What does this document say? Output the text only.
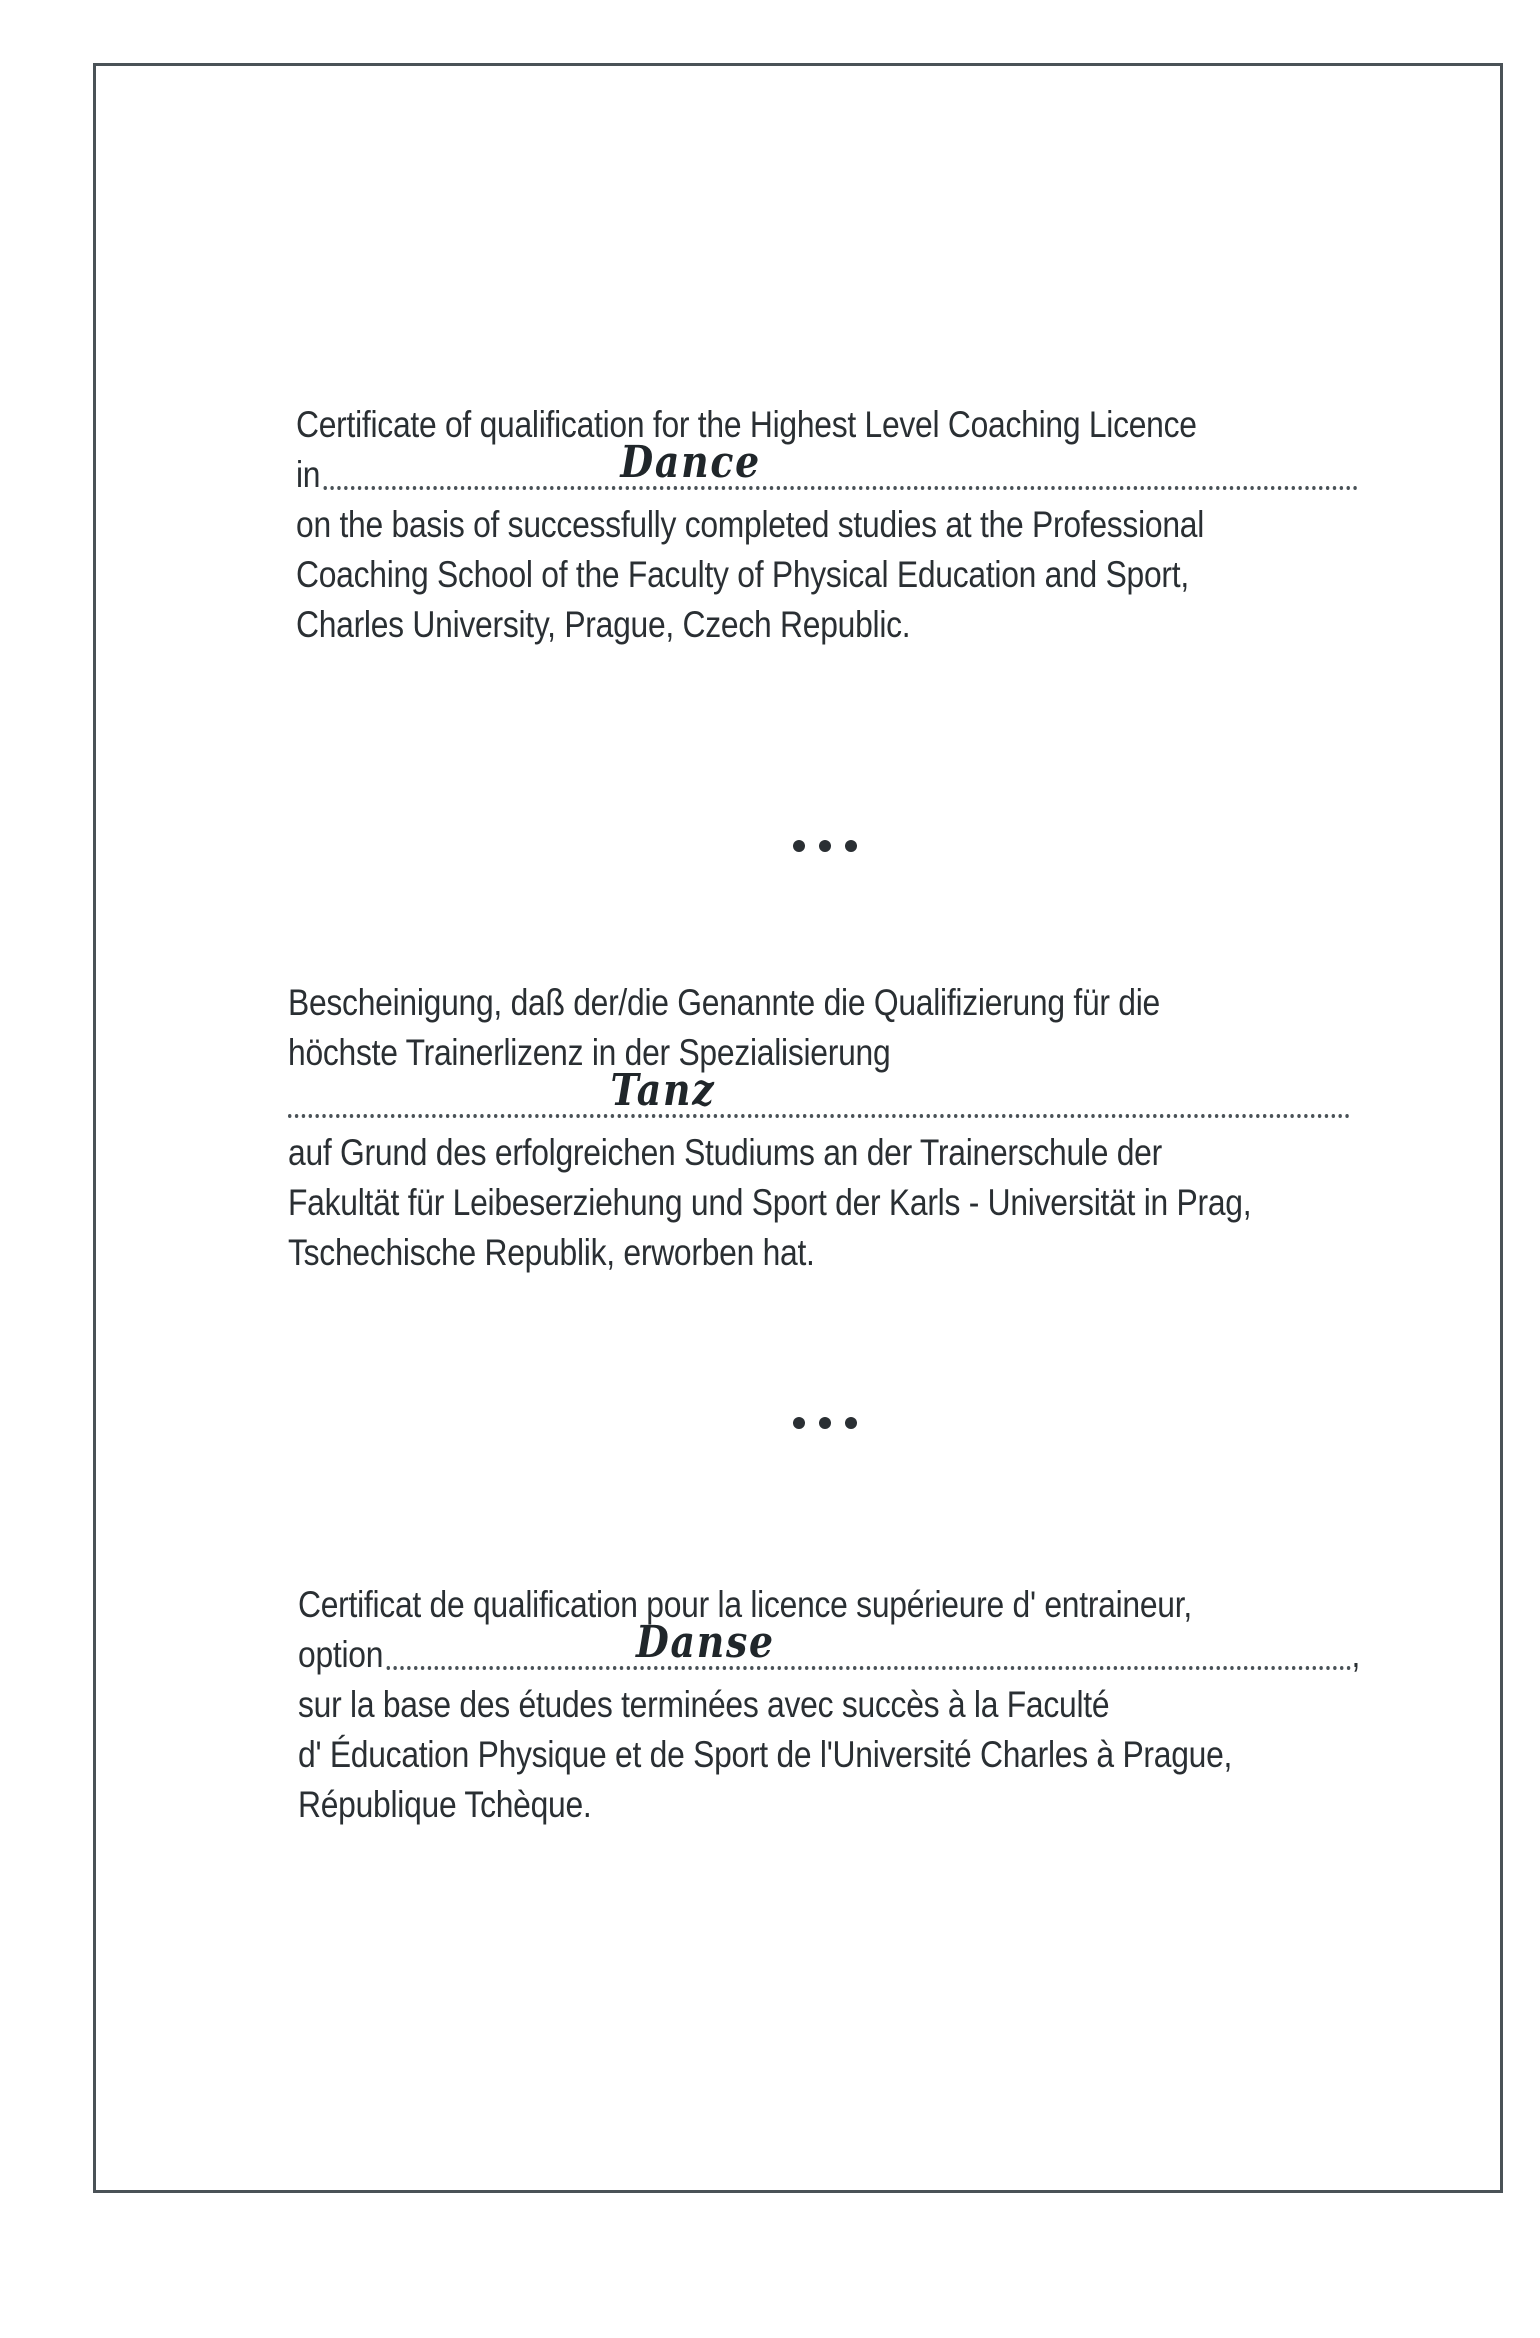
Certificate of qualification for the Highest Level Coaching Licence
in	Dance
on the basis of successfully completed studies at the Professional
Coaching School of the Faculty of Physical Education and Sport,
Charles University, Prague, Czech Republic.
Bescheinigung, daß der/die Genannte die Qualifizierung für die
höchste Trainerlizenz in der Spezialisierung
Tanz
auf Grund des erfolgreichen Studiums an der Trainerschule der
Fakultät für Leibeserziehung und Sport der Karls - Universität in Prag,
Tschechische Republik, erworben hat.
Certificat de qualification pour la licence supérieure d' entraineur,
option	Danse	,
sur la base des études terminées avec succès à la Faculté
d' Éducation Physique et de Sport de l'Université Charles à Prague,
République Tchèque.
